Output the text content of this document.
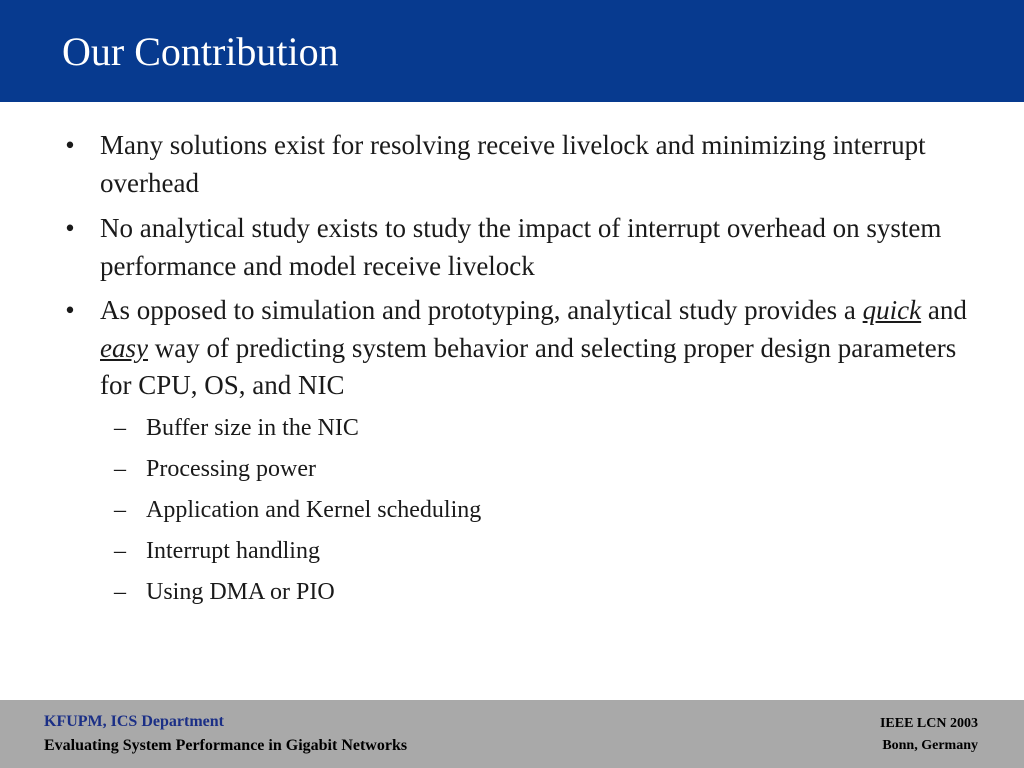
Our Contribution
• Many solutions exist for resolving receive livelock and minimizing interrupt overhead
• No analytical study exists to study the impact of interrupt overhead on system performance and model receive livelock
• As opposed to simulation and prototyping, analytical study provides a quick and easy way of predicting system behavior and selecting proper design parameters for CPU, OS, and NIC
– Buffer size in the NIC
– Processing power
– Application and Kernel scheduling
– Interrupt handling
– Using DMA or PIO
KFUPM, ICS Department
Evaluating System Performance in Gigabit Networks
IEEE LCN 2003
Bonn, Germany
